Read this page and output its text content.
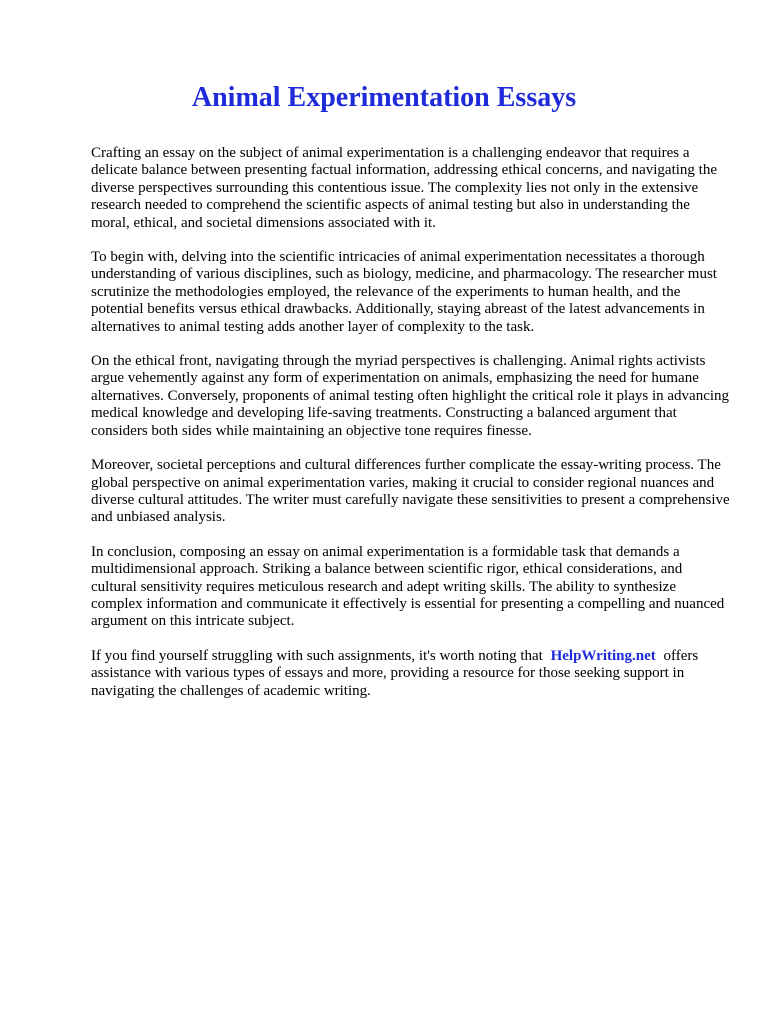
Animal Experimentation Essays

Crafting an essay on the subject of animal experimentation is a challenging endeavor that requires a delicate balance between presenting factual information, addressing ethical concerns, and navigating the diverse perspectives surrounding this contentious issue. The complexity lies not only in the extensive research needed to comprehend the scientific aspects of animal testing but also in understanding the moral, ethical, and societal dimensions associated with it.

To begin with, delving into the scientific intricacies of animal experimentation necessitates a thorough understanding of various disciplines, such as biology, medicine, and pharmacology. The researcher must scrutinize the methodologies employed, the relevance of the experiments to human health, and the potential benefits versus ethical drawbacks. Additionally, staying abreast of the latest advancements in alternatives to animal testing adds another layer of complexity to the task.

On the ethical front, navigating through the myriad perspectives is challenging. Animal rights activists argue vehemently against any form of experimentation on animals, emphasizing the need for humane alternatives. Conversely, proponents of animal testing often highlight the critical role it plays in advancing medical knowledge and developing life-saving treatments. Constructing a balanced argument that considers both sides while maintaining an objective tone requires finesse.

Moreover, societal perceptions and cultural differences further complicate the essay-writing process. The global perspective on animal experimentation varies, making it crucial to consider regional nuances and diverse cultural attitudes. The writer must carefully navigate these sensitivities to present a comprehensive and unbiased analysis.

In conclusion, composing an essay on animal experimentation is a formidable task that demands a multidimensional approach. Striking a balance between scientific rigor, ethical considerations, and cultural sensitivity requires meticulous research and adept writing skills. The ability to synthesize complex information and communicate it effectively is essential for presenting a compelling and nuanced argument on this intricate subject.

If you find yourself struggling with such assignments, it's worth noting that HelpWriting.net offers assistance with various types of essays and more, providing a resource for those seeking support in navigating the challenges of academic writing.
